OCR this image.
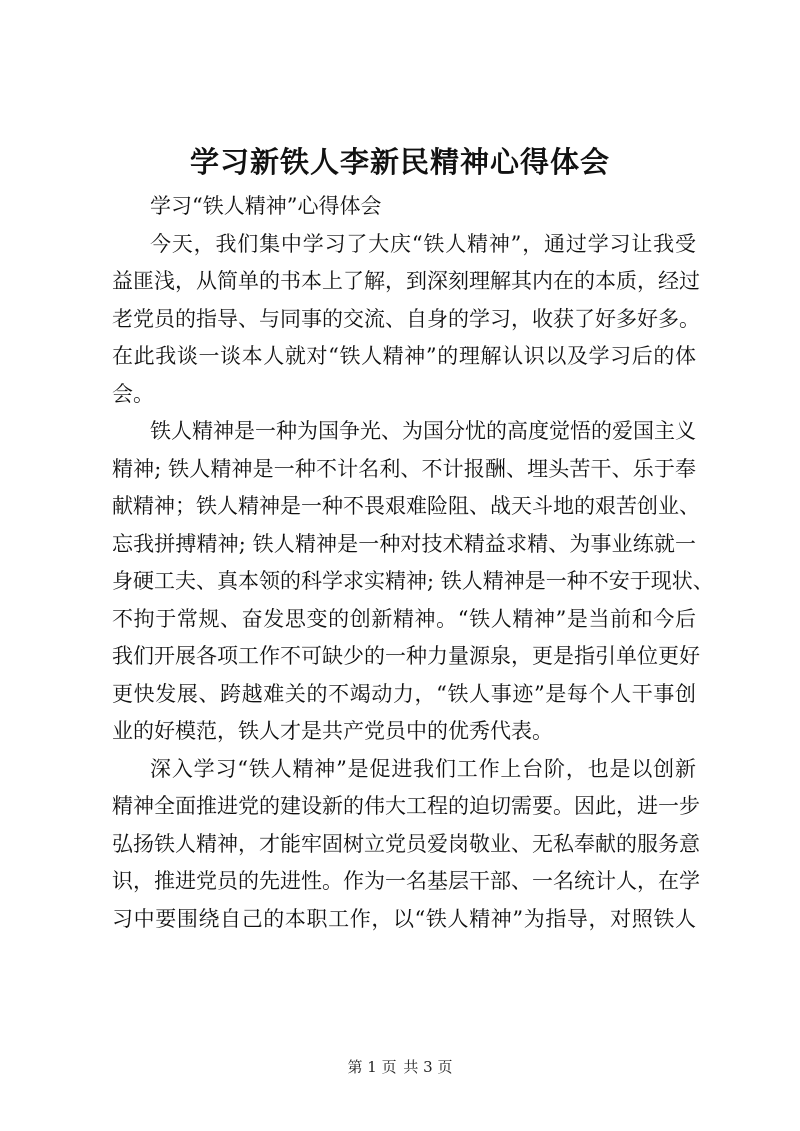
学习新铁人李新民精神心得体会
学习“铁人精神”心得体会
今天，我们集中学习了大庆“铁人精神”，通过学习让我受
益匪浅，从简单的书本上了解，到深刻理解其内在的本质，经过
老党员的指导、与同事的交流、自身的学习，收获了好多好多。
在此我谈一谈本人就对“铁人精神”的理解认识以及学习后的体
会。
铁人精神是一种为国争光、为国分忧的高度觉悟的爱国主义
精神; 铁人精神是一种不计名利、不计报酬、埋头苦干、乐于奉
献精神；铁人精神是一种不畏艰难险阻、战天斗地的艰苦创业、
忘我拼搏精神; 铁人精神是一种对技术精益求精、为事业练就一
身硬工夫、真本领的科学求实精神; 铁人精神是一种不安于现状、
不拘于常规、奋发思变的创新精神。“铁人精神”是当前和今后
我们开展各项工作不可缺少的一种力量源泉，更是指引单位更好
更快发展、跨越难关的不竭动力，“铁人事迹”是每个人干事创
业的好模范，铁人才是共产党员中的优秀代表。
深入学习“铁人精神”是促进我们工作上台阶，也是以创新
精神全面推进党的建设新的伟大工程的迫切需要。因此，进一步
弘扬铁人精神，才能牢固树立党员爱岗敬业、无私奉献的服务意
识，推进党员的先进性。作为一名基层干部、一名统计人，在学
习中要围绕自己的本职工作，以“铁人精神”为指导，对照铁人
第 1 页 共 3 页
